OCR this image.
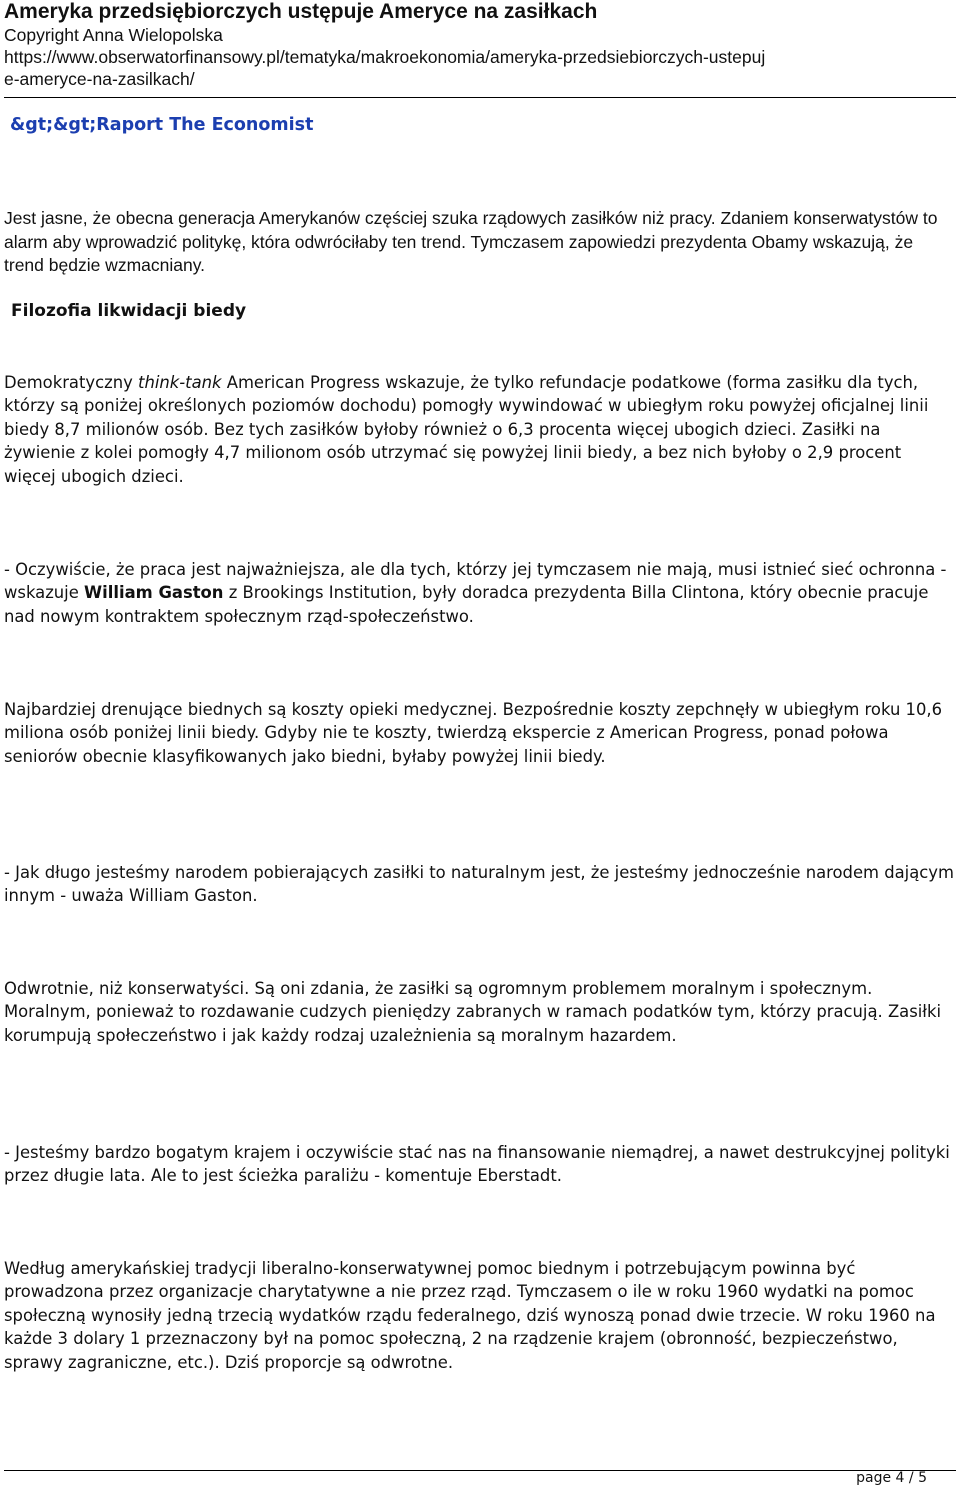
Ameryka przedsiębiorczych ustępuje Ameryce na zasiłkach

Copyright Anna Wielopolska

https://www.obserwatorfinansowy.pl/tematyka/makroekonomia/ameryka-przedsiebiorczych-ustepuj

e-ameryce-na-zasilkach/

&gt;&gt;Raport The Economist

Jest jasne, że obecna generacja Amerykanów częściej szuka rządowych zasiłków niż pracy. Zdaniem konserwatystów to alarm aby wprowadzić politykę, która odwróciłaby ten trend. Tymczasem zapowiedzi prezydenta Obamy wskazują, że trend będzie wzmacniany.

Filozofia likwidacji biedy

Demokratyczny think-tank American Progress wskazuje, że tylko refundacje podatkowe (forma zasiłku dla tych, którzy są poniżej określonych poziomów dochodu) pomogły wywindować w ubiegłym roku powyżej oficjalnej linii biedy 8,7 milionów osób. Bez tych zasiłków byłoby również o 6,3 procenta więcej ubogich dzieci. Zasiłki na żywienie z kolei pomogły 4,7 milionom osób utrzymać się powyżej linii biedy, a bez nich byłoby o 2,9 procent więcej ubogich dzieci.

- Oczywiście, że praca jest najważniejsza, ale dla tych, którzy jej tymczasem nie mają, musi istnieć sieć ochronna - wskazuje William Gaston z Brookings Institution, były doradca prezydenta Billa Clintona, który obecnie pracuje nad nowym kontraktem społecznym rząd-społeczeństwo.

Najbardziej drenujące biednych są koszty opieki medycznej. Bezpośrednie koszty zepchnęły w ubiegłym roku 10,6 miliona osób poniżej linii biedy. Gdyby nie te koszty, twierdzą ekspercie z American Progress, ponad połowa seniorów obecnie klasyfikowanych jako biedni, byłaby powyżej linii biedy.

- Jak długo jesteśmy narodem pobierających zasiłki to naturalnym jest, że jesteśmy jednocześnie narodem dającym innym - uważa William Gaston.

Odwrotnie, niż konserwatyści. Są oni zdania, że zasiłki są ogromnym problemem moralnym i społecznym. Moralnym, ponieważ to rozdawanie cudzych pieniędzy zabranych w ramach podatków tym, którzy pracują. Zasiłki korumpują społeczeństwo i jak każdy rodzaj uzależnienia są moralnym hazardem.

- Jesteśmy bardzo bogatym krajem i oczywiście stać nas na finansowanie niemądrej, a nawet destrukcyjnej polityki przez długie lata. Ale to jest ścieżka paraliżu - komentuje Eberstadt.

Według amerykańskiej tradycji liberalno-konserwatywnej pomoc biednym i potrzebującym powinna być prowadzona przez organizacje charytatywne a nie przez rząd. Tymczasem o ile w roku 1960 wydatki na pomoc społeczną wynosiły jedną trzecią wydatków rządu federalnego, dziś wynoszą ponad dwie trzecie. W roku 1960 na każde 3 dolary 1 przeznaczony był na pomoc społeczną, 2 na rządzenie krajem (obronność, bezpieczeństwo, sprawy zagraniczne, etc.). Dziś proporcje są odwrotne.

page 4 / 5
